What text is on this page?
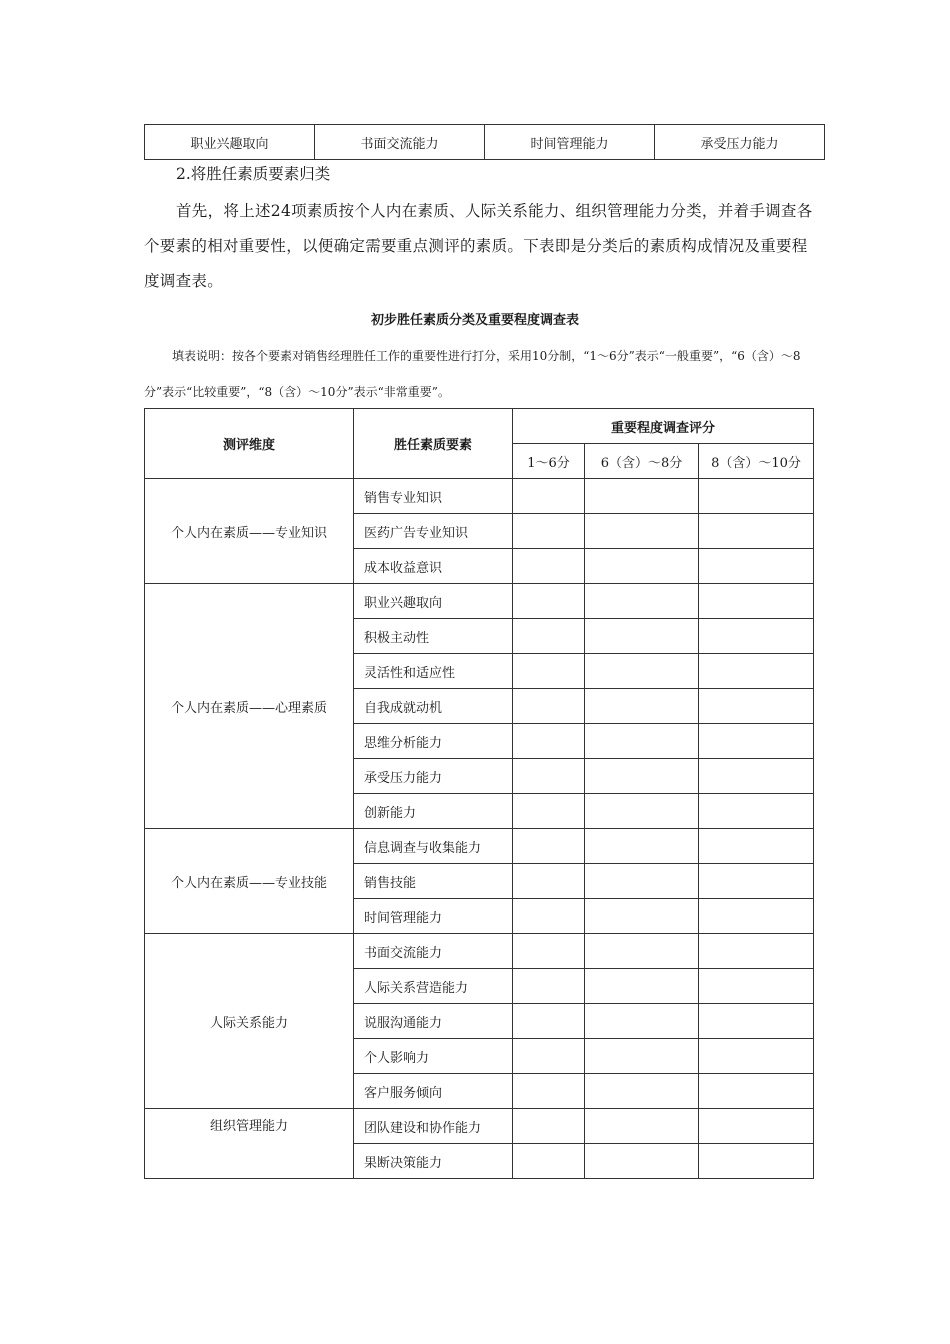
职业兴趣取向	书面交流能力	时间管理能力	承受压力能力
2.将胜任素质要素归类
首先，将上述24项素质按个人内在素质、人际关系能力、组织管理能力分类，并着手调查各个要素的相对重要性，以便确定需要重点测评的素质。下表即是分类后的素质构成情况及重要程度调查表。
初步胜任素质分类及重要程度调查表
填表说明：按各个要素对销售经理胜任工作的重要性进行打分，采用10分制，“1～6分”表示“一般重要”，“6（含）～8分”表示“比较重要”，“8（含）～10分”表示“非常重要”。
测评维度	胜任素质要素	重要程度调查评分		
		1～6分	6（含）～8分	8（含）～10分
个人内在素质——专业知识	销售专业知识			
	医药广告专业知识			
	成本收益意识			
个人内在素质——心理素质	职业兴趣取向			
	积极主动性			
	灵活性和适应性			
	自我成就动机			
	思维分析能力			
	承受压力能力			
	创新能力			
个人内在素质——专业技能	信息调查与收集能力			
	销售技能			
	时间管理能力			
人际关系能力	书面交流能力			
	人际关系营造能力			
	说服沟通能力			
	个人影响力			
	客户服务倾向			
组织管理能力	团队建设和协作能力			
	果断决策能力			
